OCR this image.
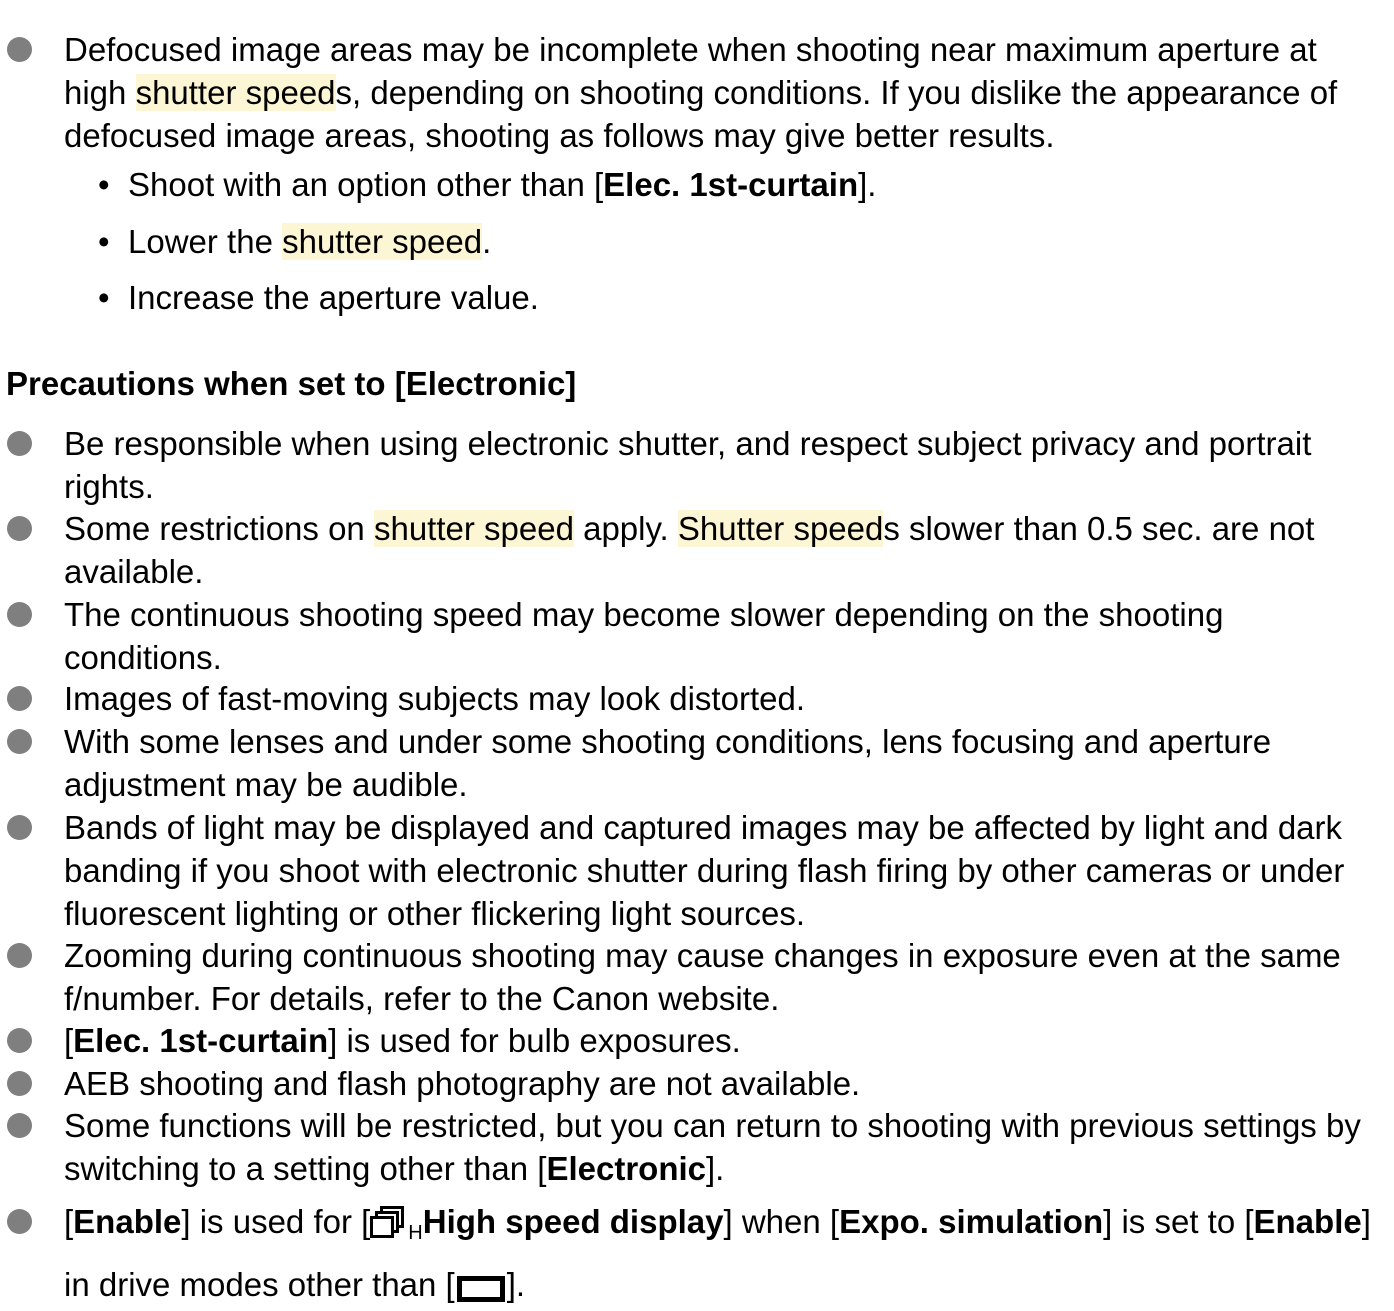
Defocused image areas may be incomplete when shooting near maximum aperture at high shutter speeds, depending on shooting conditions. If you dislike the appearance of defocused image areas, shooting as follows may give better results.

• Shoot with an option other than [Elec. 1st-curtain].

• Lower the shutter speed.

• Increase the aperture value.

Precautions when set to [Electronic]

Be responsible when using electronic shutter, and respect subject privacy and portrait rights.

Some restrictions on shutter speed apply. Shutter speeds slower than 0.5 sec. are not available.

The continuous shooting speed may become slower depending on the shooting conditions.

Images of fast-moving subjects may look distorted.

With some lenses and under some shooting conditions, lens focusing and aperture adjustment may be audible.

Bands of light may be displayed and captured images may be affected by light and dark banding if you shoot with electronic shutter during flash firing by other cameras or under fluorescent lighting or other flickering light sources.

Zooming during continuous shooting may cause changes in exposure even at the same f/number. For details, refer to the Canon website.

[Elec. 1st-curtain] is used for bulb exposures.

AEB shooting and flash photography are not available.

Some functions will be restricted, but you can return to shooting with previous settings by switching to a setting other than [Electronic].

[Enable] is used for [ HHigh speed display] when [Expo. simulation] is set to [Enable] in drive modes other than [ ].
